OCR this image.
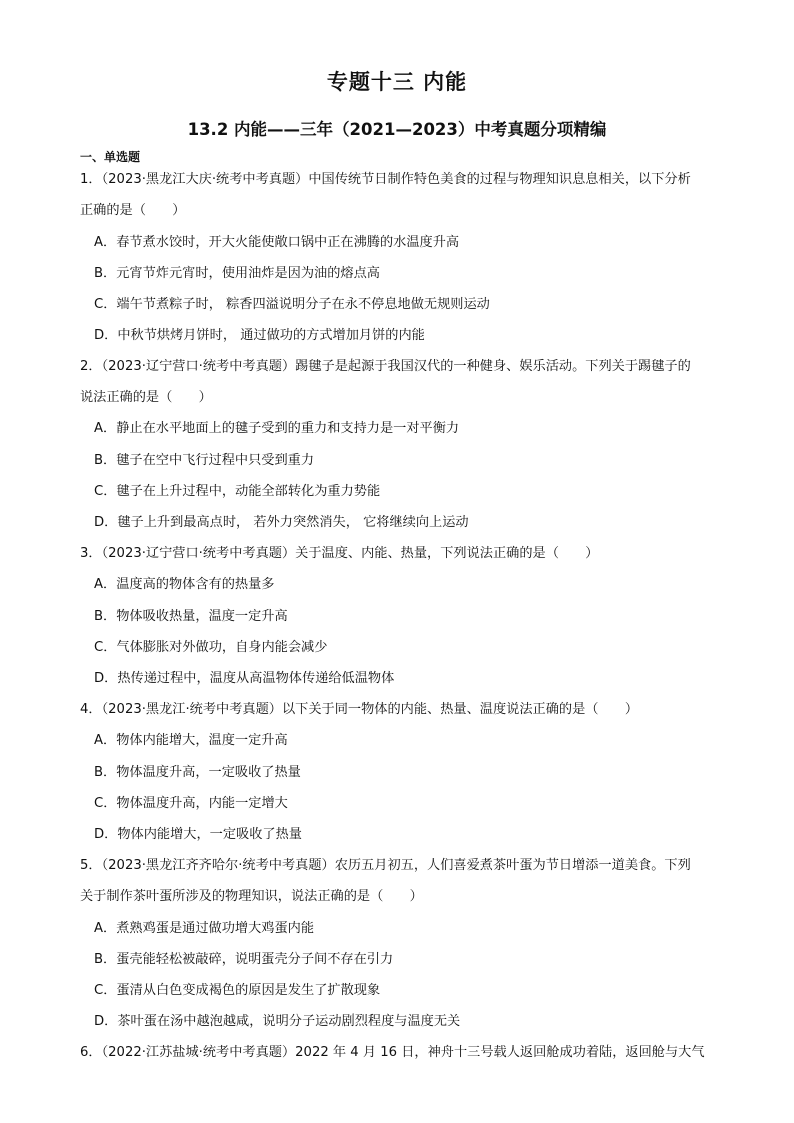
专题十三 内能
13.2 内能——三年（2021—2023）中考真题分项精编
一、单选题
1．（2023·黑龙江大庆·统考中考真题）中国传统节日制作特色美食的过程与物理知识息息相关，以下分析
正确的是（　　）
A．春节煮水饺时，开大火能使敞口锅中正在沸腾的水温度升高
B．元宵节炸元宵时，使用油炸是因为油的熔点高
C．端午节煮粽子时， 粽香四溢说明分子在永不停息地做无规则运动
D．中秋节烘烤月饼时， 通过做功的方式增加月饼的内能
2．（2023·辽宁营口·统考中考真题）踢毽子是起源于我国汉代的一种健身、娱乐活动。下列关于踢毽子的
说法正确的是（　　）
A．静止在水平地面上的毽子受到的重力和支持力是一对平衡力
B．毽子在空中飞行过程中只受到重力
C．毽子在上升过程中，动能全部转化为重力势能
D．毽子上升到最高点时， 若外力突然消失， 它将继续向上运动
3．（2023·辽宁营口·统考中考真题）关于温度、内能、热量，下列说法正确的是（　　）
A．温度高的物体含有的热量多
B．物体吸收热量，温度一定升高
C．气体膨胀对外做功，自身内能会减少
D．热传递过程中，温度从高温物体传递给低温物体
4．（2023·黑龙江·统考中考真题）以下关于同一物体的内能、热量、温度说法正确的是（　　）
A．物体内能增大，温度一定升高
B．物体温度升高，一定吸收了热量
C．物体温度升高，内能一定增大
D．物体内能增大，一定吸收了热量
5．（2023·黑龙江齐齐哈尔·统考中考真题）农历五月初五，人们喜爱煮茶叶蛋为节日增添一道美食。下列
关于制作茶叶蛋所涉及的物理知识，说法正确的是（　　）
A．煮熟鸡蛋是通过做功增大鸡蛋内能
B．蛋壳能轻松被敲碎，说明蛋壳分子间不存在引力
C．蛋清从白色变成褐色的原因是发生了扩散现象
D．茶叶蛋在汤中越泡越咸，说明分子运动剧烈程度与温度无关
6．（2022·江苏盐城·统考中考真题）2022 年 4 月 16 日，神舟十三号载人返回舱成功着陆，返回舱与大气
